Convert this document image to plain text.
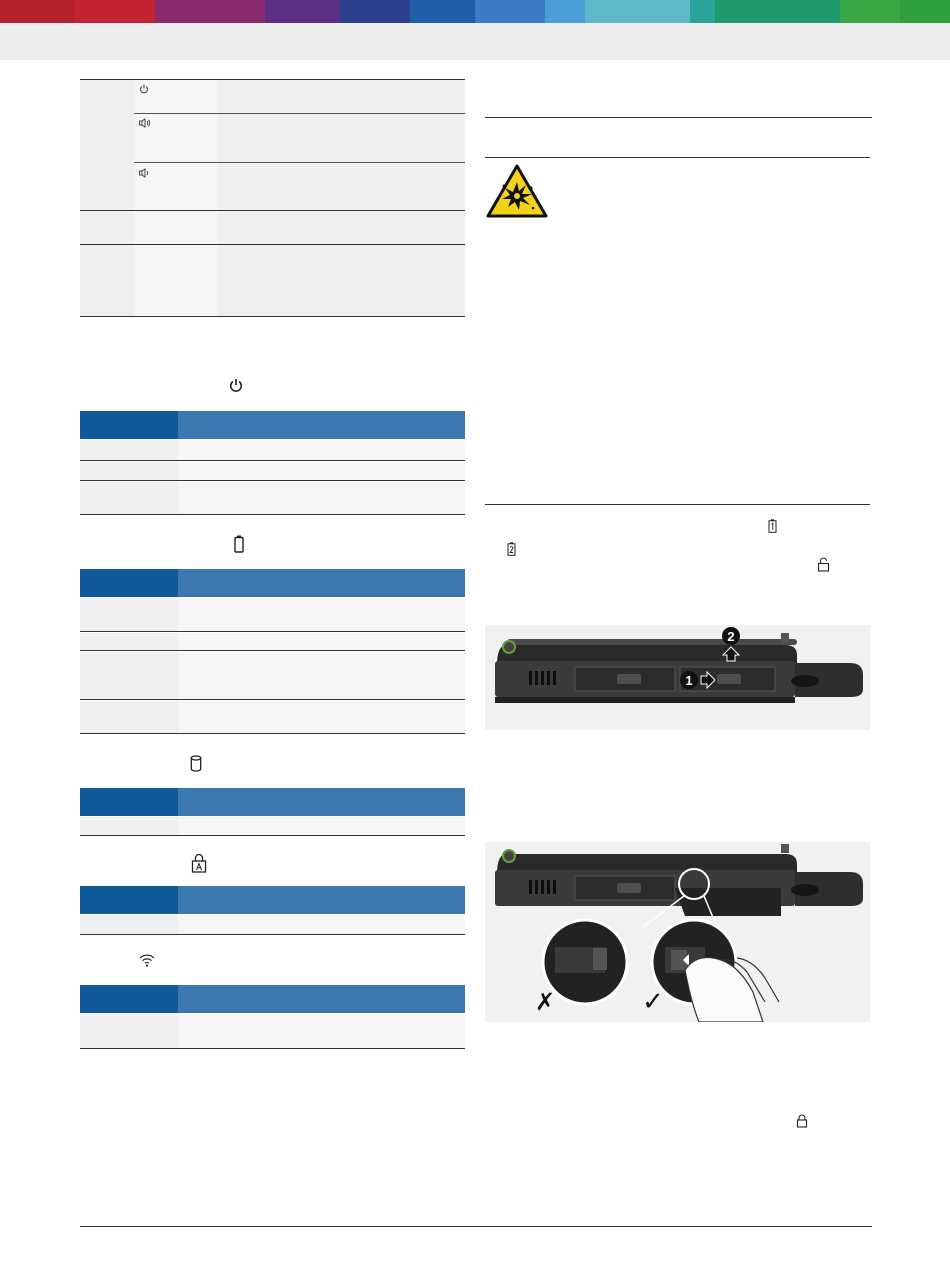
1
2
✗	✓
